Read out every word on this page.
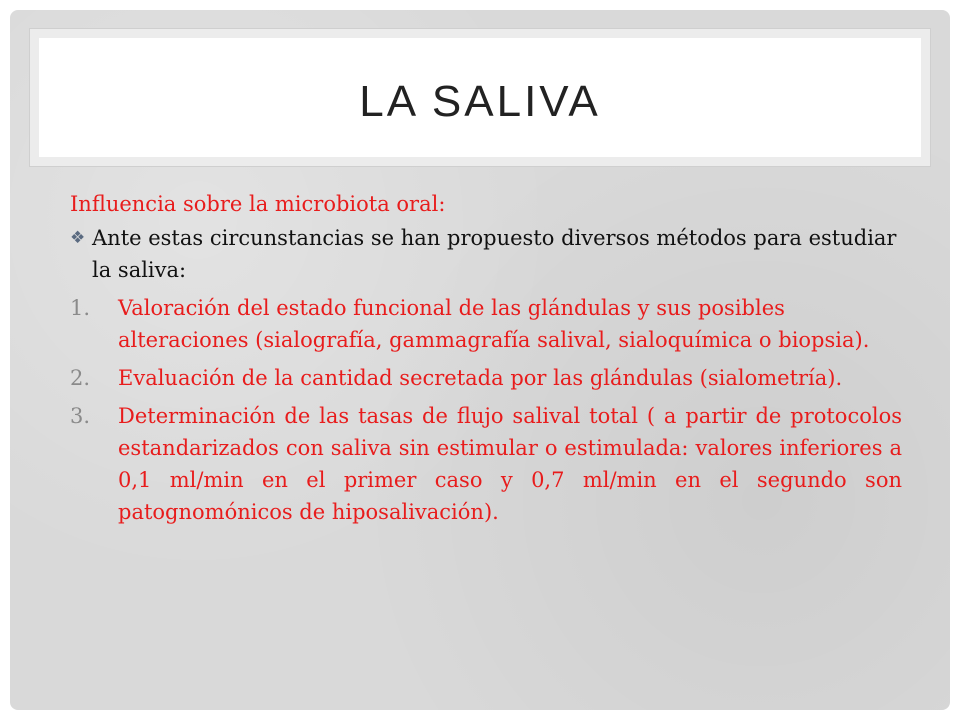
LA SALIVA

Influencia sobre la microbiota oral:

❖ Ante estas circunstancias se han propuesto diversos métodos para estudiar la saliva:
1.	Valoración del estado funcional de las glándulas y sus posibles alteraciones (sialografía, gammagrafía salival, sialoquímica o biopsia).
2.	Evaluación de la cantidad secretada por las glándulas (sialometría).
3.	Determinación de las tasas de flujo salival total ( a partir de protocolos estandarizados con saliva sin estimular o estimulada: valores inferiores a 0,1 ml/min en el primer caso y 0,7 ml/min en el segundo son patognomónicos de hiposalivación).
